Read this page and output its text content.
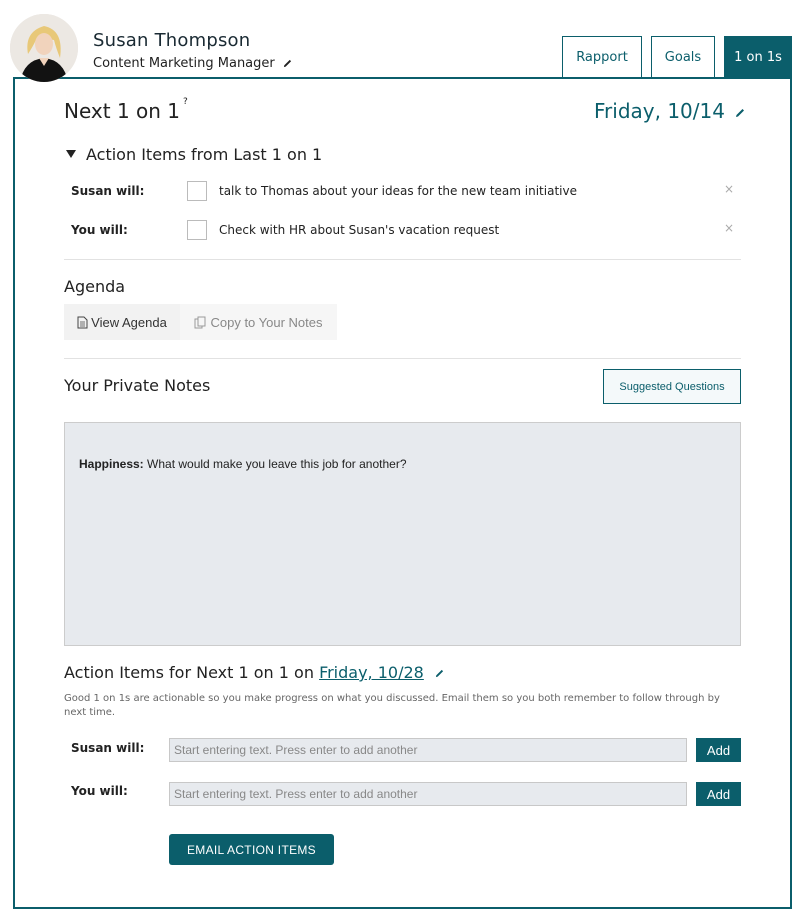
Susan Thompson
Content Marketing Manager	Rapport	Goals	1 on 1s
Next 1 on 1 ?	Friday, 10/14
Action Items from Last 1 on 1
Susan will:	talk to Thomas about your ideas for the new team initiative	×
You will:	Check with HR about Susan's vacation request	×
Agenda
View Agenda	Copy to Your Notes
Your Private Notes	Suggested Questions
Happiness: What would make you leave this job for another?
Action Items for Next 1 on 1 on Friday, 10/28
Good 1 on 1s are actionable so you make progress on what you discussed. Email them so you both remember to follow through by next time.
Susan will:
Start entering text. Press enter to add another	Add
You will:
Start entering text. Press enter to add another	Add
EMAIL ACTION ITEMS
